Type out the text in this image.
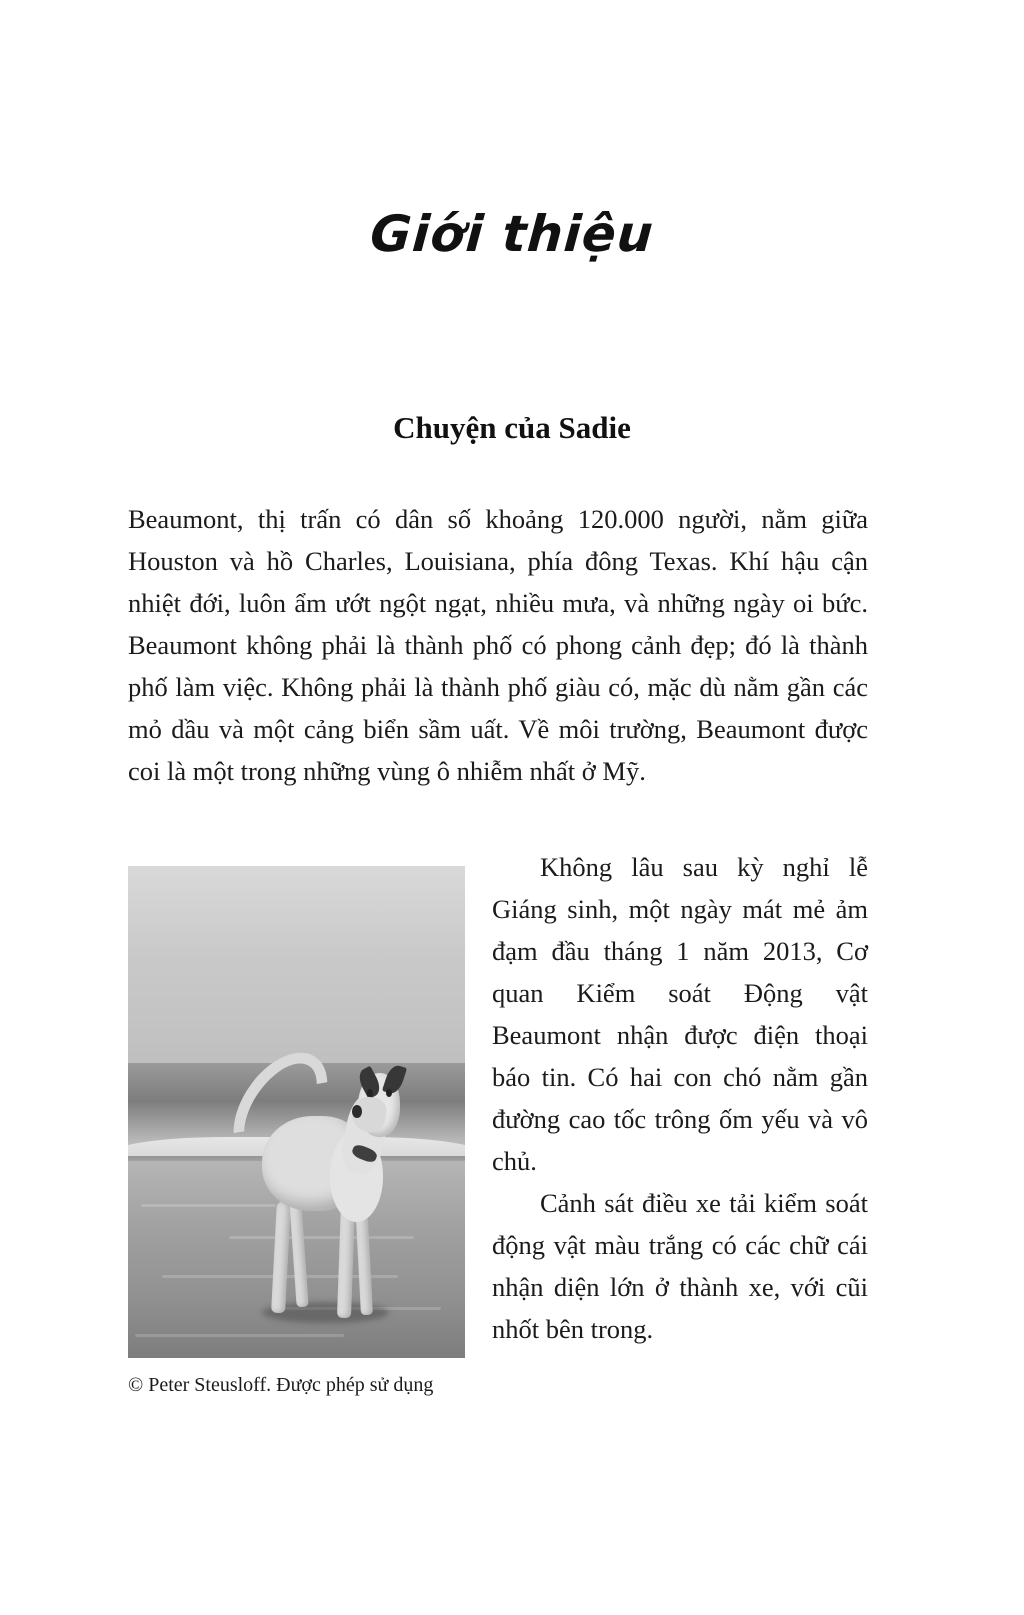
Giới thiệu
Chuyện của Sadie

Beaumont, thị trấn có dân số khoảng 120.000 người, nằm giữa Houston và hồ Charles, Louisiana, phía đông Texas. Khí hậu cận nhiệt đới, luôn ẩm ướt ngột ngạt, nhiều mưa, và những ngày oi bức. Beaumont không phải là thành phố có phong cảnh đẹp; đó là thành phố làm việc. Không phải là thành phố giàu có, mặc dù nằm gần các mỏ dầu và một cảng biển sầm uất. Về môi trường, Beaumont được coi là một trong những vùng ô nhiễm nhất ở Mỹ.

© Peter Steusloff. Được phép sử dụng

Không lâu sau kỳ nghỉ lễ Giáng sinh, một ngày mát mẻ ảm đạm đầu tháng 1 năm 2013, Cơ quan Kiểm soát Động vật Beaumont nhận được điện thoại báo tin. Có hai con chó nằm gần đường cao tốc trông ốm yếu và vô chủ.

Cảnh sát điều xe tải kiểm soát động vật màu trắng có các chữ cái nhận diện lớn ở thành xe, với cũi nhốt bên trong.
